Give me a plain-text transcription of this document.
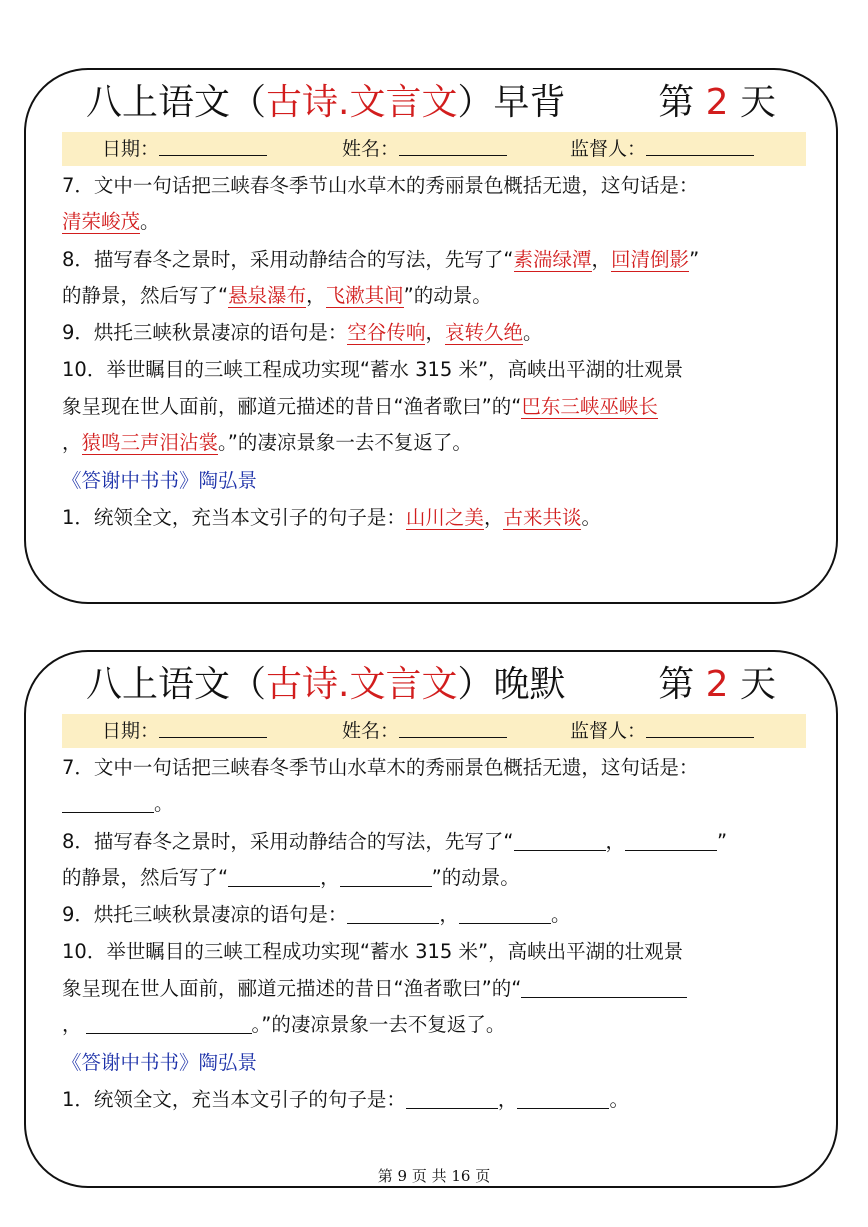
八上语文（古诗.文言文）早背	第 2 天
日期：	姓名：	监督人：
7．文中一句话把三峡春冬季节山水草木的秀丽景色概括无遗，这句话是：
清荣峻茂。
8．描写春冬之景时，采用动静结合的写法，先写了“素湍绿潭，回清倒影”
的静景，然后写了“悬泉瀑布，飞漱其间”的动景。
9．烘托三峡秋景凄凉的语句是：空谷传响，哀转久绝。
10．举世瞩目的三峡工程成功实现“蓄水 315 米”，高峡出平湖的壮观景
象呈现在世人面前，郦道元描述的昔日“渔者歌曰”的“巴东三峡巫峡长
，猿鸣三声泪沾裳。”的凄凉景象一去不复返了。
《答谢中书书》陶弘景
1．统领全文，充当本文引子的句子是：山川之美，古来共谈。
八上语文（古诗.文言文）晚默	第 2 天
日期：	姓名：	监督人：
7．文中一句话把三峡春冬季节山水草木的秀丽景色概括无遗，这句话是：
。
8．描写春冬之景时，采用动静结合的写法，先写了“	，	”
的静景，然后写了“	，	”的动景。
9．烘托三峡秋景凄凉的语句是：	，	。
10．举世瞩目的三峡工程成功实现“蓄水 315 米”，高峡出平湖的壮观景
象呈现在世人面前，郦道元描述的昔日“渔者歌曰”的“
，	。”的凄凉景象一去不复返了。
《答谢中书书》陶弘景
1．统领全文，充当本文引子的句子是：	，	。
第 9 页 共 16 页
